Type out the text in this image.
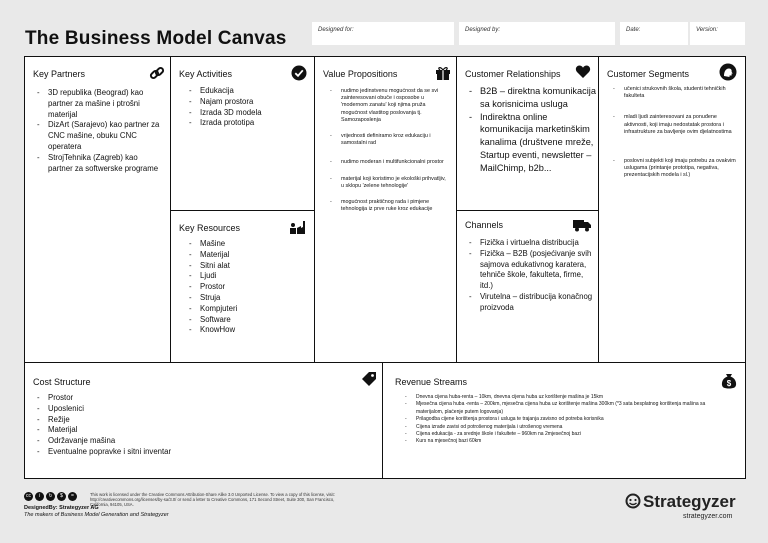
The Business Model Canvas	Designed for:	Designed by:	Date:	Version:
Key Partners
- 3D republika (Beograd) kao partner za mašine i ptrošni materijal
- DizArt (Sarajevo) kao partner za CNC mašine, obuku CNC operatera
- StrojTehnika (Zagreb) kao partner za softwerske programe
Key Activities
- Edukacija
- Najam prostora
- Izrada 3D modela
- Izrada prototipa
Key Resources
- Mašine
- Materijal
- Sitni alat
- Ljudi
- Prostor
- Struja
- Kompjuteri
- Software
- KnowHow
Value Propositions
- nudimo jedinstvenu mogućnost da se svi zainteresovani obuče i osposobe u 'modernom zanatu' koji njima pruža mogućnost vlastitog poslovanja tj. Samozaposlenja
- vrijednosti definiramo kroz edukaciju i samostalni rad
- nudimo moderan i multifunkcionalni prostor
- materijal koji koristimo je ekološki prihvatljiv, u sklopu 'zelene tehnologije'
- mogućnost praktičnog rada i pimjene tehnologija iz prve ruke kroz edukacije
Customer Relationships
- B2B – direktna komunikacija sa korisnicima usluga
- Indirektna online komunikacija marketinškim kanalima (društvene mreže, Startup eventi, newsletter – MailChimp, b2b...
Channels
- Fizička i virtuelna distribucija
- Fizička – B2B (posjećivanje svih sajmova edukativnog karatera, tehniče škole, fakulteta, firme, itd.)
- Virutelna – distribucija konačnog proizvoda
Customer Segments
- učenici strukovnih škola, studenti tehničkih fakulteta
- mladi ljudi zainteresovani za ponuđene aktivnosti, koji imaju nedostatak prostora i infrastrukture za bavljenje ovim djelatnostima
- poslovni subjekti koji imaju potrebu za ovakvim uslugama (printanje prototipa, negativa, prezentacijskih modela i sl.)
Cost Structure
- Prostor
- Uposlenici
- Režije
- Materijal
- Održavanje mašina
- Eventualne popravke i sitni inventar
Revenue Streams	$
- Dnevna cijena huba-renta – 10km, dnevna cijena huba uz korištenje mašina je 15km
- Mjesečna cijena huba -renta – 200km, mjesečna cijena huba uz korištenje mašina 300km (*3 sata besplatnog korištenja mašina sa materijalom, plaćenje putem logovanja)
- Prilagodba cijene korištenja prostora i usluga te trajanja zavisno od potreba korisnika
- Cijena izrade zavisi od potrošenog materijala i utrošenog vremena
- Cijena edukacija - za srednje škole i fakultete – 960km na 2mjesečnoj bazi
- Kurs na mjesečnoj bazi 60km
cc	i	↻	$	=	This work is licensed under the Creative Commons Attribution-Share Alike 3.0 Unported License. To view a copy of this license, visit:
http://creativecommons.org/licenses/by-sa/3.0/ or send a letter to Creative Commons, 171 Second Street, Suite 300, San Francisco, California, 94105, USA.
DesignedBy: Strategyzer AG
The makers of Business Model Generation and Strategyzer
Strategyzer
strategyzer.com
